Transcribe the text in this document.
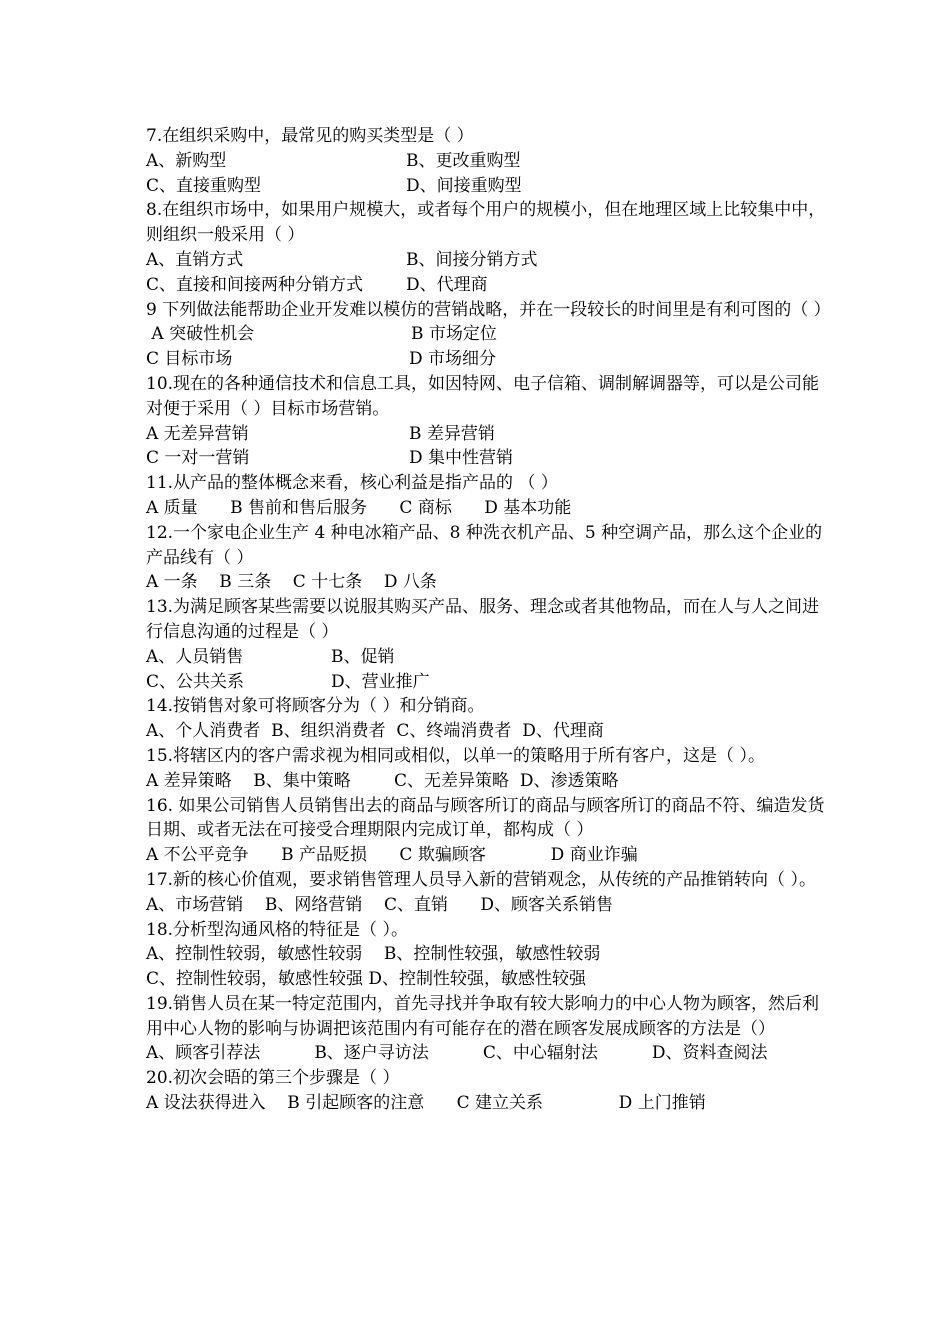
7.在组织采购中，最常见的购买类型是（ ）

A、新购型

	B、更改重购型

C、直接重购型

	D、间接重购型

8.在组织市场中，如果用户规模大，或者每个用户的规模小，但在地理区域上比较集中中，则组织一般采用（ ）

A、直销方式

	B、间接分销方式

C、直接和间接两种分销方式

	D、代理商

9 下列做法能帮助企业开发难以模仿的营销战略，并在一段较长的时间里是有利可图的（ ）

A 突破性机会

	B 市场定位

C 目标市场

	D 市场细分

10.现在的各种通信技术和信息工具，如因特网、电子信箱、调制解调器等，可以是公司能对便于采用（ ）目标市场营销。

A 无差异营销

	B 差异营销

C 一对一营销

	D 集中性营销

11.从产品的整体概念来看，核心利益是指产品的 （ ）

A 质量      B 售前和售后服务      C 商标      D 基本功能

12.一个家电企业生产 4 种电冰箱产品、8 种洗衣机产品、5 种空调产品，那么这个企业的产品线有（ ）

A 一条    B 三条    C 十七条    D 八条

13.为满足顾客某些需要以说服其购买产品、服务、理念或者其他物品，而在人与人之间进行信息沟通的过程是（ ）

A、人员销售

	B、促销

C、公共关系

	D、营业推广

14.按销售对象可将顾客分为（ ）和分销商。

A、个人消费者  B、组织消费者  C、终端消费者  D、代理商

15.将辖区内的客户需求视为相同或相似，以单一的策略用于所有客户，这是（ ）。

A 差异策略    B、集中策略        C、无差异策略  D、渗透策略

16. 如果公司销售人员销售出去的商品与顾客所订的商品与顾客所订的商品不符、编造发货日期、或者无法在可接受合理期限内完成订单，都构成（ ）

A 不公平竞争      B 产品贬损      C 欺骗顾客            D 商业诈骗

17.新的核心价值观，要求销售管理人员导入新的营销观念，从传统的产品推销转向（ ）。

A、市场营销    B、网络营销    C、直销      D、顾客关系销售

18.分析型沟通风格的特征是（ ）。

A、控制性较弱，敏感性较弱    B、控制性较强，敏感性较弱
C、控制性较弱，敏感性较强 D、控制性较强，敏感性较强

19.销售人员在某一特定范围内，首先寻找并争取有较大影响力的中心人物为顾客，然后利用中心人物的影响与协调把该范围内有可能存在的潜在顾客发展成顾客的方法是（）

A、顾客引荐法          B、逐户寻访法          C、中心辐射法          D、资料查阅法

20.初次会晤的第三个步骤是（ ）

A 设法获得进入    B 引起顾客的注意      C 建立关系              D 上门推销
